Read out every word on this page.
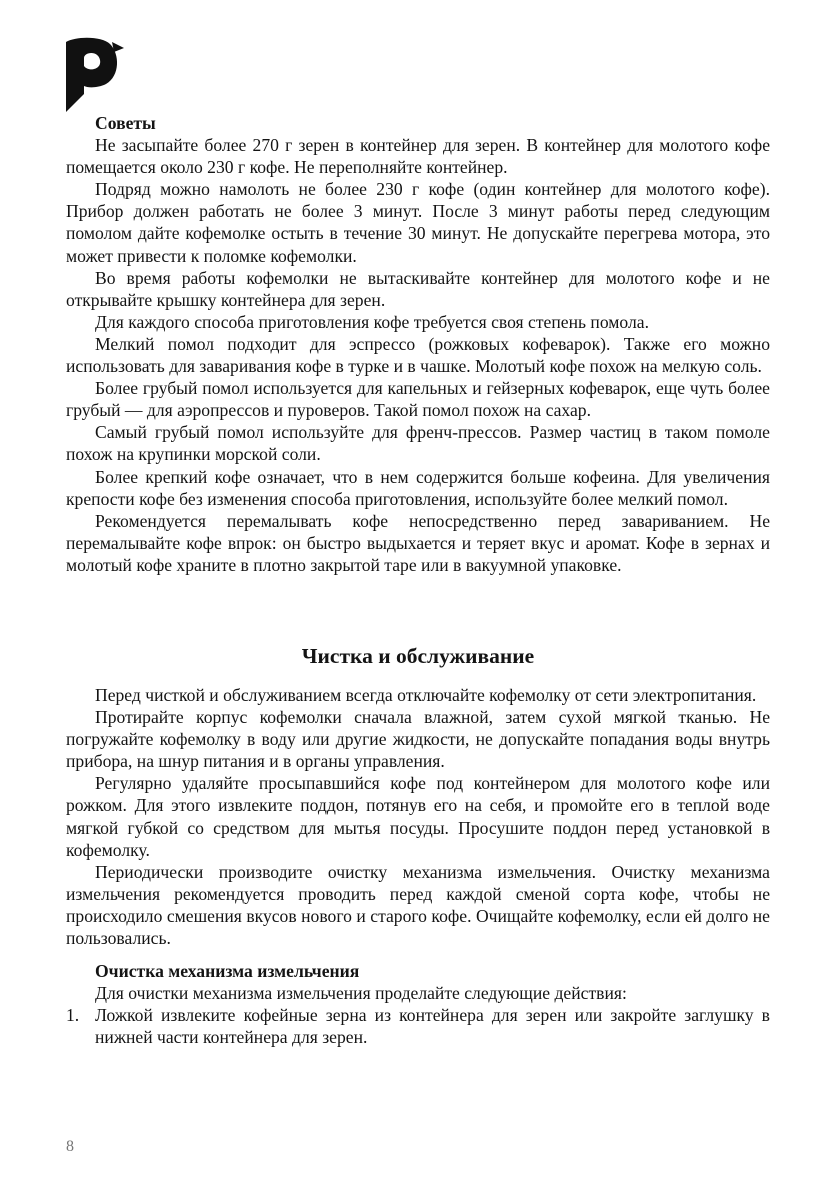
Советы

Не засыпайте более 270 г зерен в контейнер для зерен. В контейнер для молотого кофе помещается около 230 г кофе. Не переполняйте контейнер.

Подряд можно намолоть не более 230 г кофе (один контейнер для молотого кофе). Прибор должен работать не более 3 минут. После 3 минут работы перед следующим помолом дайте кофемолке остыть в течение 30 минут. Не допускайте перегрева мотора, это может привести к поломке кофемолки.

Во время работы кофемолки не вытаскивайте контейнер для молотого кофе и не открывайте крышку контейнера для зерен.

Для каждого способа приготовления кофе требуется своя степень помола.

Мелкий помол подходит для эспрессо (рожковых кофеварок). Также его можно использовать для заваривания кофе в турке и в чашке. Молотый кофе похож на мелкую соль.

Более грубый помол используется для капельных и гейзерных кофеварок, еще чуть более грубый — для аэропрессов и пуроверов. Такой помол похож на сахар.

Самый грубый помол используйте для френч-прессов. Размер частиц в таком помоле похож на крупинки морской соли.

Более крепкий кофе означает, что в нем содержится больше кофеина. Для увеличения крепости кофе без изменения способа приготовления, используйте более мелкий помол.

Рекомендуется перемалывать кофе непосредственно перед завариванием. Не перемалывайте кофе впрок: он быстро выдыхается и теряет вкус и аромат. Кофе в зернах и молотый кофе храните в плотно закрытой таре или в вакуумной упаковке.

Чистка и обслуживание

Перед чисткой и обслуживанием всегда отключайте кофемолку от сети электропитания.

Протирайте корпус кофемолки сначала влажной, затем сухой мягкой тканью. Не погружайте кофемолку в воду или другие жидкости, не допускайте попадания воды внутрь прибора, на шнур питания и в органы управления.

Регулярно удаляйте просыпавшийся кофе под контейнером для молотого кофе или рожком. Для этого извлеките поддон, потянув его на себя, и промойте его в теплой воде мягкой губкой со средством для мытья посуды. Просушите поддон перед установкой в кофемолку.

Периодически производите очистку механизма измельчения. Очистку механизма измельчения рекомендуется проводить перед каждой сменой сорта кофе, чтобы не происходило смешения вкусов нового и старого кофе. Очищайте кофемолку, если ей долго не пользовались.

Очистка механизма измельчения

Для очистки механизма измельчения проделайте следующие действия:

1. Ложкой извлеките кофейные зерна из контейнера для зерен или закройте заглушку в нижней части контейнера для зерен.
8
